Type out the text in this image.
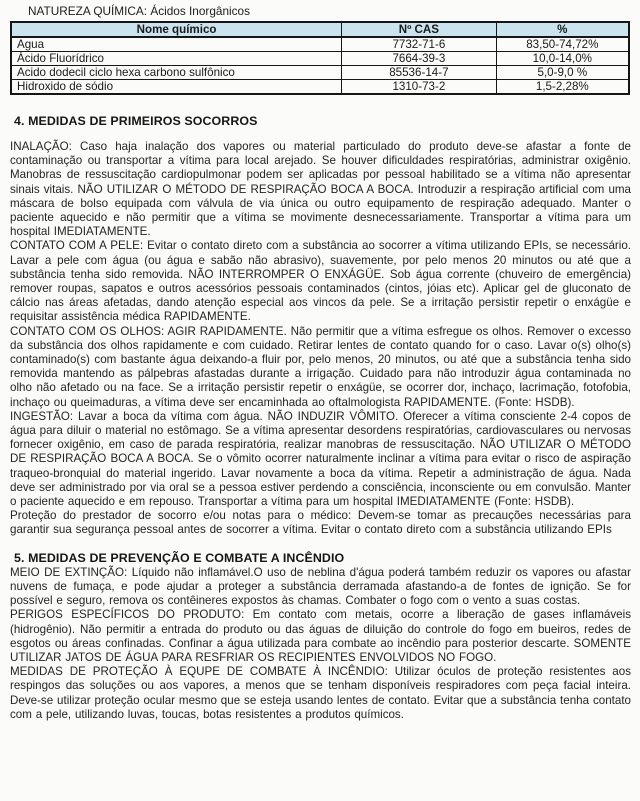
NATUREZA QUÍMICA: Ácidos Inorgânicos
Nome químico	Nº CAS	%
Agua	7732-71-6	83,50-74,72%
Ácido Fluorídrico	7664-39-3	10,0-14,0%
Acido dodecil ciclo hexa carbono sulfônico	85536-14-7	5,0-9,0 %
Hidroxido de sódio	1310-73-2	1,5-2,28%
4. MEDIDAS DE PRIMEIROS SOCORROS

INALAÇÃO: Caso haja inalação dos vapores ou material particulado do produto deve-se afastar a fonte de contaminação ou transportar a vítima para local arejado. Se houver dificuldades respiratórias, administrar oxigênio. Manobras de ressuscitação cardiopulmonar podem ser aplicadas por pessoal habilitado se a vítima não apresentar sinais vitais. NÃO UTILIZAR O MÉTODO DE RESPIRAÇÃO BOCA A BOCA. Introduzir a respiração artificial com uma máscara de bolso equipada com válvula de via única ou outro equipamento de respiração adequado. Manter o paciente aquecido e não permitir que a vítima se movimente desnecessariamente. Transportar a vítima para um hospital IMEDIATAMENTE.

CONTATO COM A PELE: Evitar o contato direto com a substância ao socorrer a vítima utilizando EPIs, se necessário. Lavar a pele com água (ou água e sabão não abrasivo), suavemente, por pelo menos 20 minutos ou até que a substância tenha sido removida. NÃO INTERROMPER O ENXÁGÜE. Sob água corrente (chuveiro de emergência) remover roupas, sapatos e outros acessórios pessoais contaminados (cintos, jóias etc). Aplicar gel de gluconato de cálcio nas áreas afetadas, dando atenção especial aos vincos da pele. Se a irritação persistir repetir o enxágüe e requisitar assistência médica RAPIDAMENTE.

CONTATO COM OS OLHOS: AGIR RAPIDAMENTE. Não permitir que a vítima esfregue os olhos. Remover o excesso da substância dos olhos rapidamente e com cuidado. Retirar lentes de contato quando for o caso. Lavar o(s) olho(s) contaminado(s) com bastante água deixando-a fluir por, pelo menos, 20 minutos, ou até que a substância tenha sido removida mantendo as pálpebras afastadas durante a irrigação. Cuidado para não introduzir água contaminada no olho não afetado ou na face. Se a irritação persistir repetir o enxágüe, se ocorrer dor, inchaço, lacrimação, fotofobia, inchaço ou queimaduras, a vítima deve ser encaminhada ao oftalmologista RAPIDAMENTE. (Fonte: HSDB).

INGESTÃO: Lavar a boca da vítima com água. NÃO INDUZIR VÔMITO. Oferecer a vítima consciente 2-4 copos de água para diluir o material no estômago. Se a vítima apresentar desordens respiratórias, cardiovasculares ou nervosas fornecer oxigênio, em caso de parada respiratória, realizar manobras de ressuscitação. NÃO UTILIZAR O MÉTODO DE RESPIRAÇÃO BOCA A BOCA. Se o vômito ocorrer naturalmente inclinar a vítima para evitar o risco de aspiração traqueo-bronquial do material ingerido. Lavar novamente a boca da vítima. Repetir a administração de água. Nada deve ser administrado por via oral se a pessoa estiver perdendo a consciência, inconsciente ou em convulsão. Manter o paciente aquecido e em repouso. Transportar a vítima para um hospital IMEDIATAMENTE (Fonte: HSDB).

Proteção do prestador de socorro e/ou notas para o médico: Devem-se tomar as precauções necessárias para garantir sua segurança pessoal antes de socorrer a vítima. Evitar o contato direto com a substância utilizando EPIs

5. MEDIDAS DE PREVENÇÃO E COMBATE A INCÊNDIO

MEIO DE EXTINÇÃO: Líquido não inflamável.O uso de neblina d'água poderá também reduzir os vapores ou afastar nuvens de fumaça, e pode ajudar a proteger a substância derramada afastando-a de fontes de ignição. Se for possível e seguro, remova os contêineres expostos às chamas. Combater o fogo com o vento a suas costas.

PERIGOS ESPECÍFICOS DO PRODUTO: Em contato com metais, ocorre a liberação de gases inflamáveis (hidrogênio). Não permitir a entrada do produto ou das águas de diluição do controle do fogo em bueiros, redes de esgotos ou áreas confinadas. Confinar a água utilizada para combate ao incêndio para posterior descarte. SOMENTE UTILIZAR JATOS DE ÁGUA PARA RESFRIAR OS RECIPIENTES ENVOLVIDOS NO FOGO.

MEDIDAS DE PROTEÇÃO À EQUPE DE COMBATE À INCÊNDIO: Utilizar óculos de proteção resistentes aos respingos das soluções ou aos vapores, a menos que se tenham disponíveis respiradores com peça facial inteira. Deve-se utilizar proteção ocular mesmo que se esteja usando lentes de contato. Evitar que a substância tenha contato com a pele, utilizando luvas, toucas, botas resistentes a produtos químicos.
